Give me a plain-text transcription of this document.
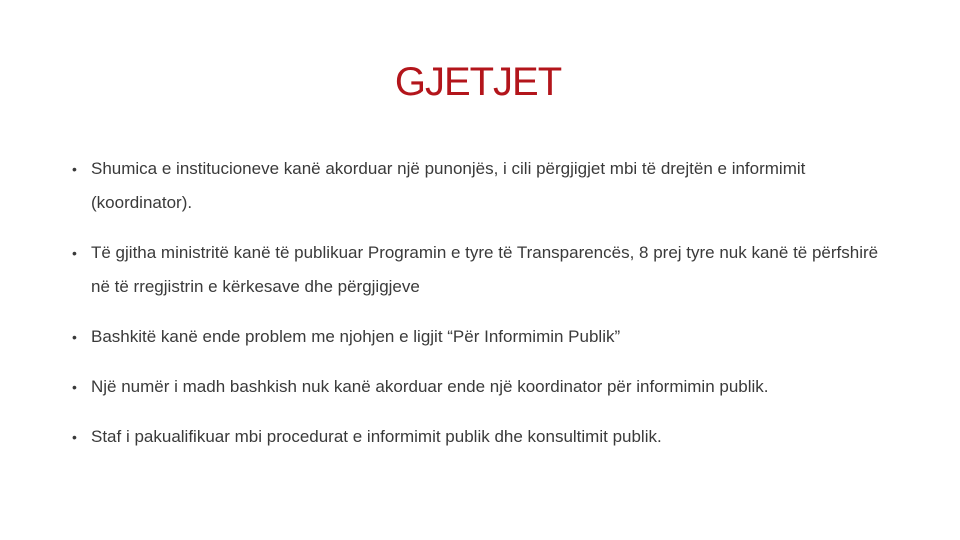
GJETJET
• Shumica e institucioneve kanë akorduar një punonjës, i cili përgjigjet mbi të drejtën e informimit (koordinator).
• Të gjitha ministritë kanë të publikuar Programin e tyre të Transparencës, 8 prej tyre nuk kanë të përfshirë në të rregjistrin e kërkesave dhe përgjigjeve
• Bashkitë kanë ende problem me njohjen e ligjit “Për Informimin Publik”
• Një numër i madh bashkish nuk kanë akorduar ende një koordinator për informimin publik.
• Staf i pakualifikuar mbi procedurat e informimit publik dhe konsultimit publik.
